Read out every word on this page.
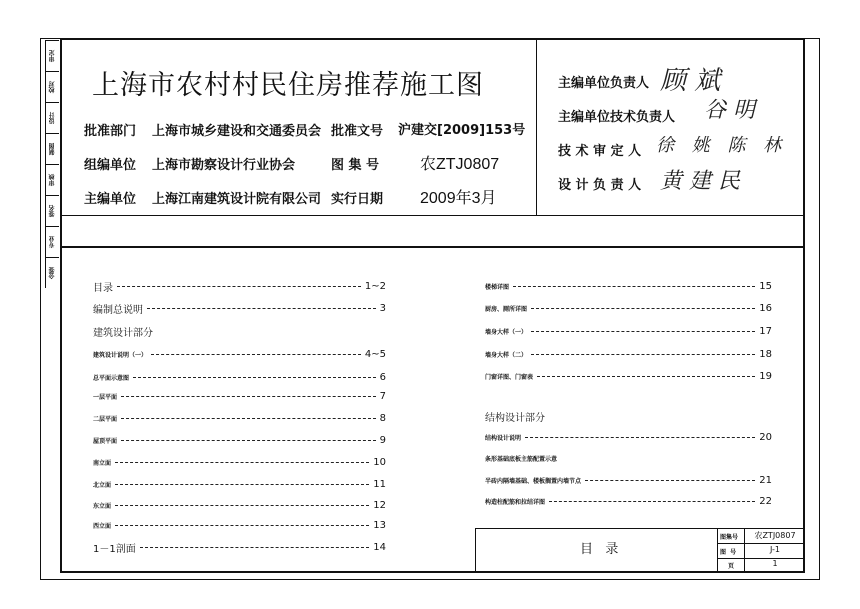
审定
校对
设计
制图
审核
签名
专业
会签
上海市农村村民住房推荐施工图
批准部门 上海市城乡建设和交通委员会 批准文号 沪建交[2009]153号
组编单位 上海市勘察设计行业协会	图 集 号	农ZTJ0807
主编单位 上海江南建筑设计院有限公司 实行日期 2009年3月
主编单位负责人 顾 斌
主编单位技术负责人 谷 明
技 术 审 定 人 徐 姚 陈 林
设 计 负 责 人 黄 建 民
目录	1~2
编制总说明	3
建筑设计部分
建筑设计说明（一）	4~5
总平面示意图	6
一层平面	7
二层平面	8
屋顶平面	9
南立面	10
北立面	11
东立面	12
西立面	13
1－1剖面	14
楼梯详图	15
厨房、厕所详图	16
墙身大样（一）	17
墙身大样（二）	18
门窗详图、门窗表	19
结构设计部分
结构设计说明	20
条形基础底板主筋配置示意
半砖内隔墙基础、楼板搁置内墙节点	21
构造柱配筋和拉结详图	22
目   录
图集号	农ZTJ0807
图  号	J-1
页	1
